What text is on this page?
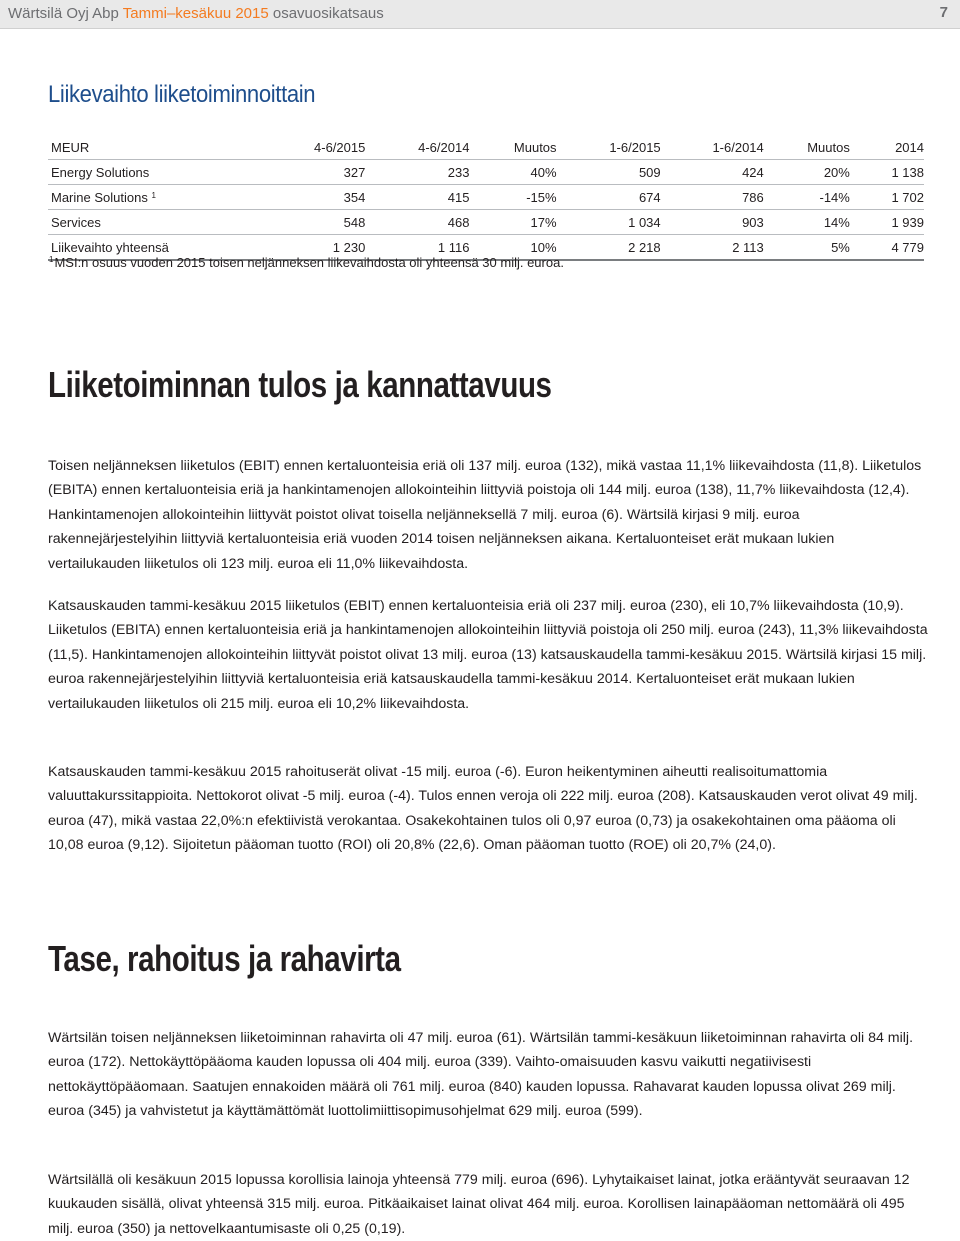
Wärtsilä Oyj Abp Tammi–kesäkuu 2015 osavuosikatsaus	7
Liikevaihto liiketoiminnoittain
MEUR	4-6/2015	4-6/2014	Muutos	1-6/2015	1-6/2014	Muutos	2014
Energy Solutions	327	233	40%	509	424	20%	1 138
Marine Solutions $^1$	354	415	-15%	674	786	-14%	1 702
Services	548	468	17%	1 034	903	14%	1 939
Liikevaihto yhteensä	1 230	1 116	10%	2 218	2 113	5%	4 779

$^1$MSI:n osuus vuoden 2015 toisen neljänneksen liikevaihdosta oli yhteensä 30 milj. euroa.

Liiketoiminnan tulos ja kannattavuus

Toisen neljänneksen liiketulos (EBIT) ennen kertaluonteisia eriä oli 137 milj. euroa (132), mikä vastaa 11,1% liikevaihdosta (11,8). Liiketulos (EBITA) ennen kertaluonteisia eriä ja hankintamenojen allokointeihin liittyviä poistoja oli 144 milj. euroa (138), 11,7% liikevaihdosta (12,4). Hankintamenojen allokointeihin liittyvät poistot olivat toisella neljänneksellä 7 milj. euroa (6). Wärtsilä kirjasi 9 milj. euroa rakennejärjestelyihin liittyviä kertaluonteisia eriä vuoden 2014 toisen neljänneksen aikana. Kertaluonteiset erät mukaan lukien vertailukauden liiketulos oli 123 milj. euroa eli 11,0% liikevaihdosta.

Katsauskauden tammi-kesäkuu 2015 liiketulos (EBIT) ennen kertaluonteisia eriä oli 237 milj. euroa (230), eli 10,7% liikevaihdosta (10,9). Liiketulos (EBITA) ennen kertaluonteisia eriä ja hankintamenojen allokointeihin liittyviä poistoja oli 250 milj. euroa (243), 11,3% liikevaihdosta (11,5). Hankintamenojen allokointeihin liittyvät poistot olivat 13 milj. euroa (13) katsauskaudella tammi-kesäkuu 2015. Wärtsilä kirjasi 15 milj. euroa rakennejärjestelyihin liittyviä kertaluonteisia eriä katsauskaudella tammi-kesäkuu 2014. Kertaluonteiset erät mukaan lukien vertailukauden liiketulos oli 215 milj. euroa eli 10,2% liikevaihdosta.

Katsauskauden tammi-kesäkuu 2015 rahoituserät olivat -15 milj. euroa (-6). Euron heikentyminen aiheutti realisoitumattomia valuuttakurssitappioita. Nettokorot olivat -5 milj. euroa (-4). Tulos ennen veroja oli 222 milj. euroa (208). Katsauskauden verot olivat 49 milj. euroa (47), mikä vastaa 22,0%:n efektiivistä verokantaa. Osakekohtainen tulos oli 0,97 euroa (0,73) ja osakekohtainen oma pääoma oli 10,08 euroa (9,12). Sijoitetun pääoman tuotto (ROI) oli 20,8% (22,6). Oman pääoman tuotto (ROE) oli 20,7% (24,0).

Tase, rahoitus ja rahavirta

Wärtsilän toisen neljänneksen liiketoiminnan rahavirta oli 47 milj. euroa (61). Wärtsilän tammi-kesäkuun liiketoiminnan rahavirta oli 84 milj. euroa (172). Nettokäyttöpääoma kauden lopussa oli 404 milj. euroa (339). Vaihto-omaisuuden kasvu vaikutti negatiivisesti nettokäyttöpääomaan. Saatujen ennakoiden määrä oli 761 milj. euroa (840) kauden lopussa. Rahavarat kauden lopussa olivat 269 milj. euroa (345) ja vahvistetut ja käyttämättömät luottolimiittisopimusohjelmat 629 milj. euroa (599).

Wärtsilällä oli kesäkuun 2015 lopussa korollisia lainoja yhteensä 779 milj. euroa (696). Lyhytaikaiset lainat, jotka erääntyvät seuraavan 12 kuukauden sisällä, olivat yhteensä 315 milj. euroa. Pitkäaikaiset lainat olivat 464 milj. euroa. Korollisen lainapääoman nettomäärä oli 495 milj. euroa (350) ja nettovelkaantumisaste oli 0,25 (0,19).
